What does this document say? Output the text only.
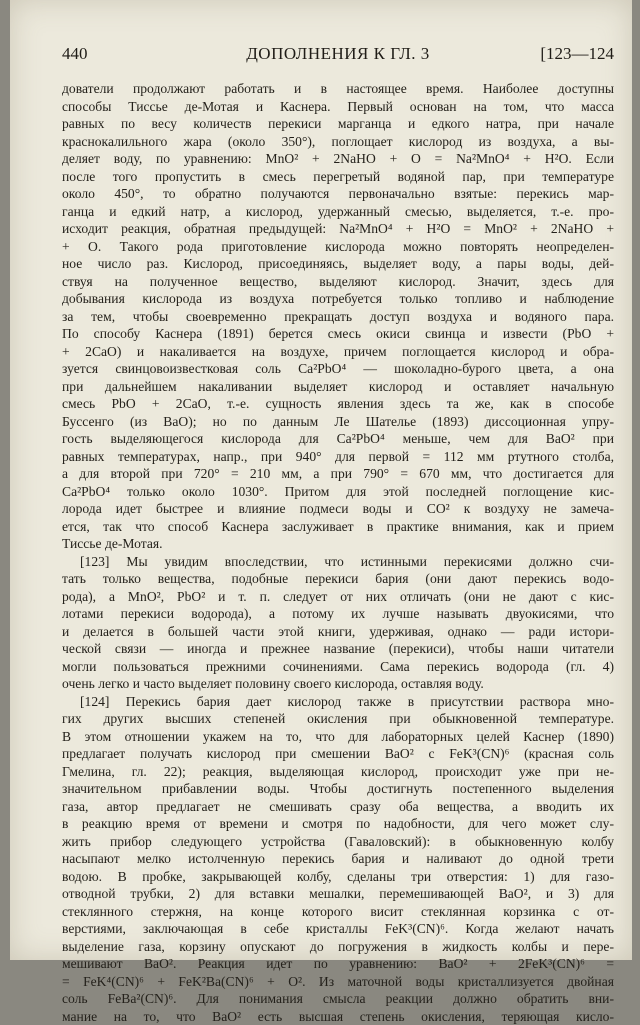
ДОПОЛНЕНИЯ К ГЛ. 3
440	[123—124
дователи продолжают работать и в настоящее время. Наиболее доступны
способы Тиссье де-Мотая и Каснера. Первый основан на том, что масса
равных по весу количеств перекиси марганца и едкого натра, при начале
краснокалильного жара (около 350°), поглощает кислород из воздуха, а вы-
деляет воду, по уравнению: MnO² + 2NaHO + O = Na²MnO⁴ + H²O. Если
после того пропустить в смесь перегретый водяной пар, при температуре
около 450°, то обратно получаются первоначально взятые: перекись мар-
ганца и едкий натр, а кислород, удержанный смесью, выделяется, т.-е. про-
исходит реакция, обратная предыдущей: Na²MnO⁴ + H²O = MnO² + 2NaHO +
+ O. Такого рода приготовление кислорода можно повторять неопределен-
ное число раз. Кислород, присоединяясь, выделяет воду, а пары воды, дей-
ствуя на полученное вещество, выделяют кислород. Значит, здесь для
добывания кислорода из воздуха потребуется только топливо и наблюдение
за тем, чтобы своевременно прекращать доступ воздуха и водяного пара.
По способу Каснера (1891) берется смесь окиси свинца и извести (PbO +
+ 2CaO) и накаливается на воздухе, причем поглощается кислород и обра-
зуется свинцовоизвестковая соль Ca²PbO⁴ — шоколадно-бурого цвета, а она
при дальнейшем накаливании выделяет кислород и оставляет начальную
смесь PbO + 2CaO, т.-е. сущность явления здесь та же, как в способе
Буссенго (из BaO); но по данным Ле Шателье (1893) диссоционная упру-
гость выделяющегося кислорода для Ca²PbO⁴ меньше, чем для BaO² при
равных температурах, напр., при 940° для первой = 112 мм ртутного столба,
а для второй при 720° = 210 мм, а при 790° = 670 мм, что достигается для
Ca²PbO⁴ только около 1030°. Притом для этой последней поглощение кис-
лорода идет быстрее и влияние подмеси воды и CO² к воздуху не замеча-
ется, так что способ Каснера заслуживает в практике внимания, как и прием
Тиссье де-Мотая.
[123] Мы увидим впоследствии, что истинными перекисями должно счи-
тать только вещества, подобные перекиси бария (они дают перекись водо-
рода), а MnO², PbO² и т. п. следует от них отличать (они не дают с кис-
лотами перекиси водорода), а потому их лучше называть двуокисями, что
и делается в большей части этой книги, удерживая, однако — ради истори-
ческой связи — иногда и прежнее название (перекиси), чтобы наши читатели
могли пользоваться прежними сочинениями. Сама перекись водорода (гл. 4)
очень легко и часто выделяет половину своего кислорода, оставляя воду.
[124] Перекись бария дает кислород также в присутствии раствора мно-
гих других высших степеней окисления при обыкновенной температуре.
В этом отношении укажем на то, что для лабораторных целей Каснер (1890)
предлагает получать кислород при смешении BaO² с FeK³(CN)⁶ (красная соль
Гмелина, гл. 22); реакция, выделяющая кислород, происходит уже при не-
значительном прибавлении воды. Чтобы достигнуть постепенного выделения
газа, автор предлагает не смешивать сразу оба вещества, а вводить их
в реакцию время от времени и смотря по надобности, для чего может слу-
жить прибор следующего устройства (Гаваловский): в обыкновенную колбу
насыпают мелко истолченную перекись бария и наливают до одной трети
водою. В пробке, закрывающей колбу, сделаны три отверстия: 1) для газо-
отводной трубки, 2) для вставки мешалки, перемешивающей BaO², и 3) для
стеклянного стержня, на конце которого висит стеклянная корзинка с от-
верстиями, заключающая в себе кристаллы FeK³(CN)⁶. Когда желают начать
выделение газа, корзину опускают до погружения в жидкость колбы и пере-
мешивают BaO². Реакция идет по уравнению: BaO² + 2FeK³(CN)⁶ =
= FeK⁴(CN)⁶ + FeK²Ba(CN)⁶ + O². Из маточной воды кристаллизуется двойная
соль FeBa²(CN)⁶. Для понимания смысла реакции должно обратить вни-
мание на то, что BaO² есть высшая степень окисления, теряющая кисло-
